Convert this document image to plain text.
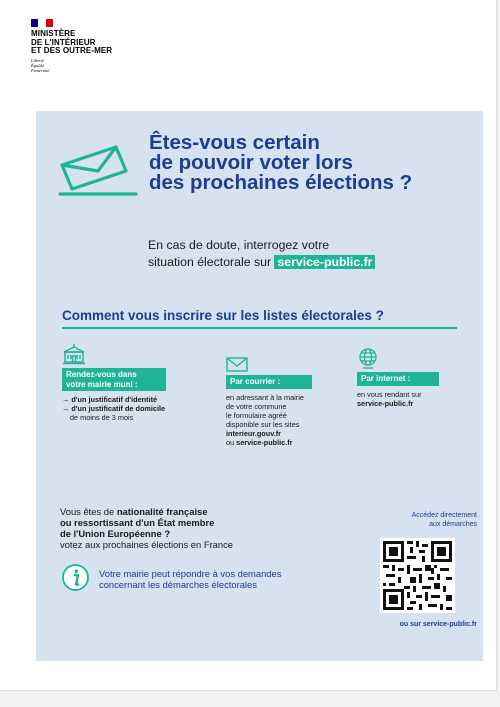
MINISTÈRE
DE L'INTÉRIEUR
ET DES OUTRE-MER
Liberté
Égalité
Fraternité
Êtes-vous certain
de pouvoir voter lors
des prochaines élections ?
En cas de doute, interrogez votre
situation électorale sur service-public.fr
Comment vous inscrire sur les listes électorales ?
Rendez-vous dans
votre mairie muni :
→ d'un justificatif d'identité
→ d'un justificatif de domicile
de moins de 3 mois
Par courrier :
en adressant à la mairie
de votre commune
le formulaire agréé
disponible sur les sites
interieur.gouv.fr
ou service-public.fr
Par internet :
en vous rendant sur
service-public.fr
Vous êtes de nationalité française
ou ressortissant d'un État membre
de l'Union Européenne ?
votez aux prochaines élections en France
Votre mairie peut répondre à vos demandes
concernant les démarches électorales
Accédez directement
aux démarches
ou sur service-public.fr
